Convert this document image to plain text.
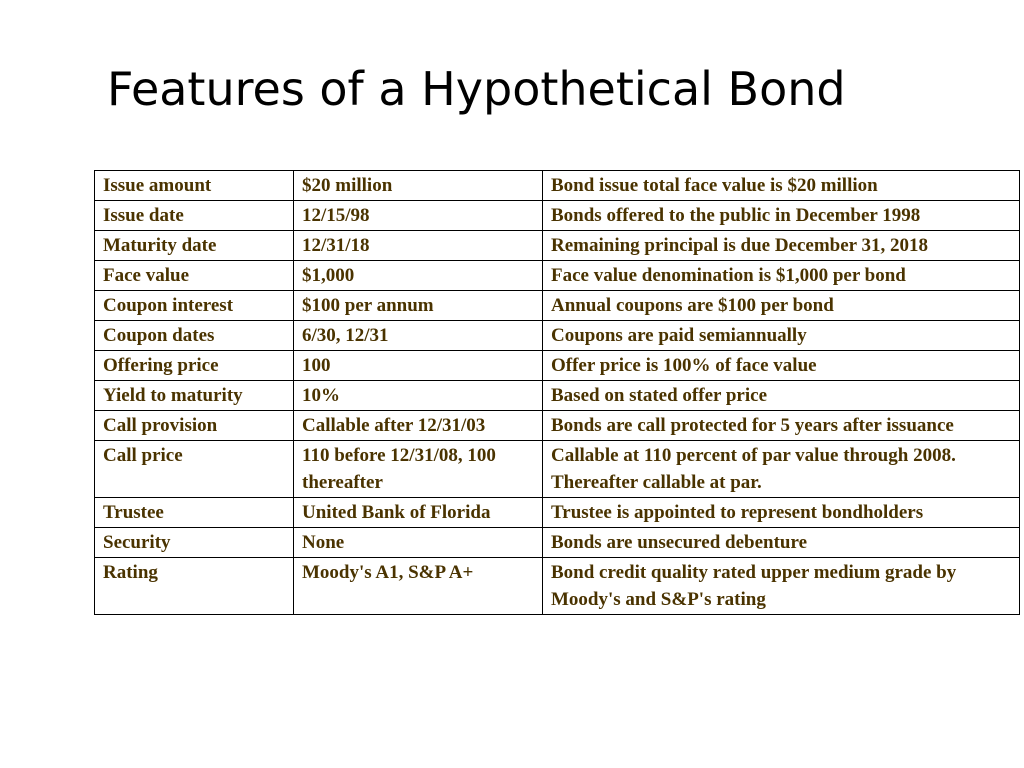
Features of a Hypothetical Bond
Issue amount	$20 million	Bond issue total face value is $20 million
Issue date	12/15/98	Bonds offered to the public in December 1998
Maturity date	12/31/18	Remaining principal is due December 31, 2018
Face value	$1,000	Face value denomination is $1,000 per bond
Coupon interest	$100 per annum	Annual coupons are $100 per bond
Coupon dates	6/30, 12/31	Coupons are paid semiannually
Offering price	100	Offer price is 100% of face value
Yield to maturity	10%	Based on stated offer price
Call provision	Callable after 12/31/03	Bonds are call protected for 5 years after issuance
Call price	110 before 12/31/08, 100 thereafter	Callable at 110 percent of par value through 2008. Thereafter callable at par.
Trustee	United Bank of Florida	Trustee is appointed to represent bondholders
Security	None	Bonds are unsecured debenture
Rating	Moody's A1, S&P A+	Bond credit quality rated upper medium grade by Moody's and S&P's rating
